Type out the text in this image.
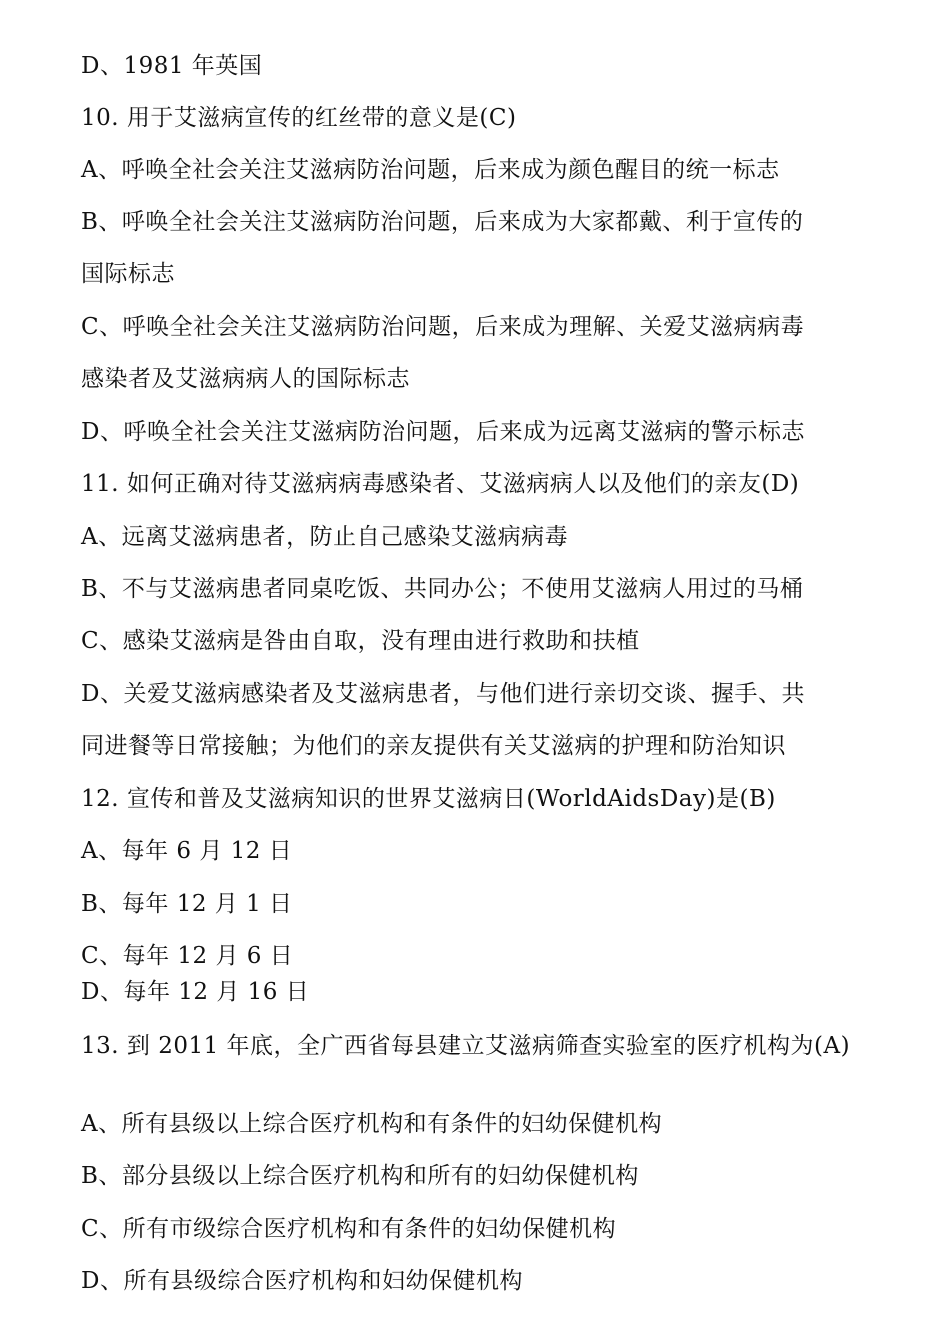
D、1981 年英国
10. 用于艾滋病宣传的红丝带的意义是(C)
A、呼唤全社会关注艾滋病防治问题，后来成为颜色醒目的统一标志
B、呼唤全社会关注艾滋病防治问题，后来成为大家都戴、利于宣传的
国际标志
C、呼唤全社会关注艾滋病防治问题，后来成为理解、关爱艾滋病病毒
感染者及艾滋病病人的国际标志
D、呼唤全社会关注艾滋病防治问题，后来成为远离艾滋病的警示标志
11. 如何正确对待艾滋病病毒感染者、艾滋病病人以及他们的亲友(D)
A、远离艾滋病患者，防止自己感染艾滋病病毒
B、不与艾滋病患者同桌吃饭、共同办公；不使用艾滋病人用过的马桶
C、感染艾滋病是咎由自取，没有理由进行救助和扶植
D、关爱艾滋病感染者及艾滋病患者，与他们进行亲切交谈、握手、共
同进餐等日常接触；为他们的亲友提供有关艾滋病的护理和防治知识
12. 宣传和普及艾滋病知识的世界艾滋病日(WorldAidsDay)是(B)
A、每年 6 月 12 日
B、每年 12 月 1 日
C、每年 12 月 6 日
D、每年 12 月 16 日
13. 到 2011 年底，全广西省每县建立艾滋病筛查实验室的医疗机构为(A)
A、所有县级以上综合医疗机构和有条件的妇幼保健机构
B、部分县级以上综合医疗机构和所有的妇幼保健机构
C、所有市级综合医疗机构和有条件的妇幼保健机构
D、所有县级综合医疗机构和妇幼保健机构
